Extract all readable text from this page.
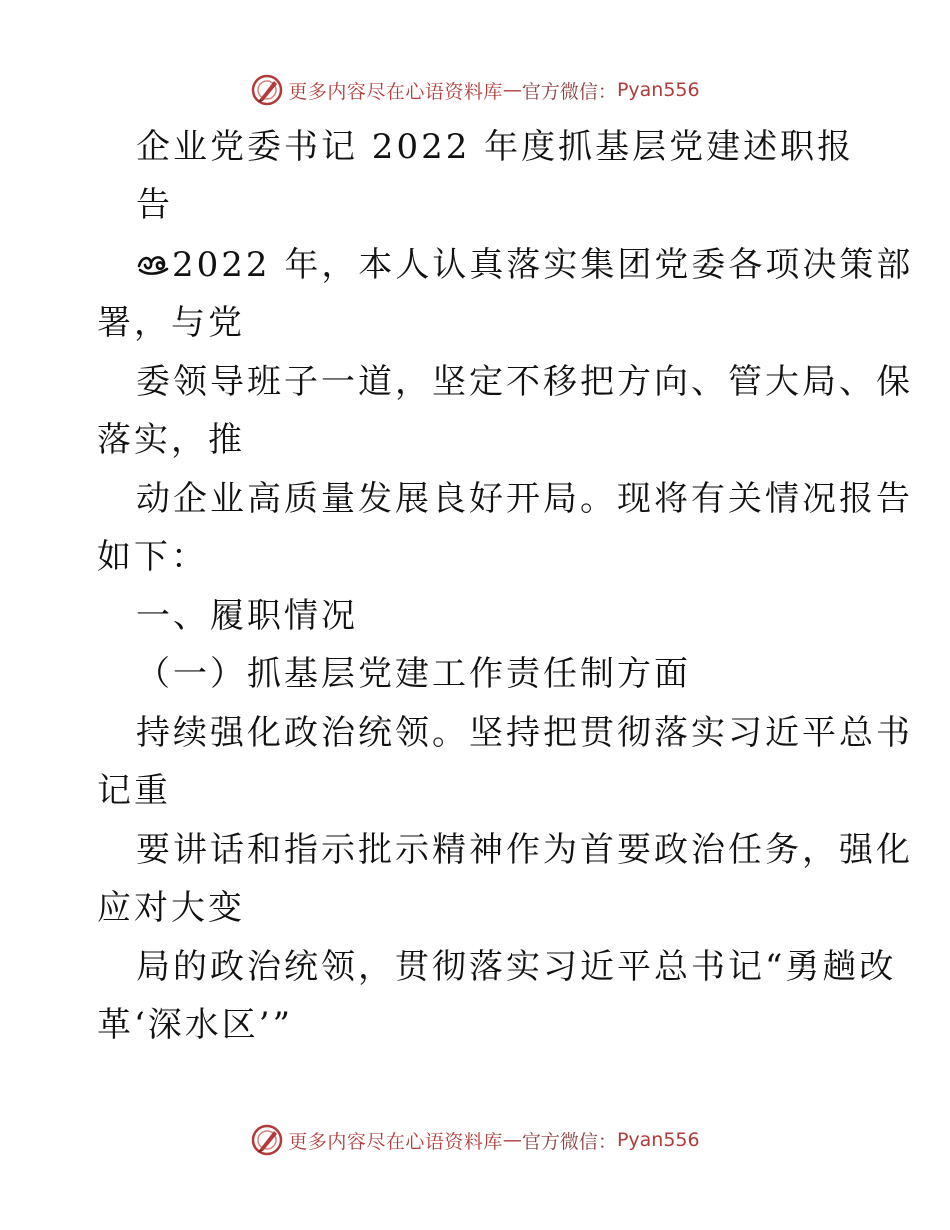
更多内容尽在心语资料库 — 官方微信： Pyan556
企业党委书记 2022 年度抓基层党建述职报
告
2022 年，本人认真落实集团党委各项决策部
署，与党
委领导班子一道，坚定不移把方向、管大局、保
落实，推
动企业高质量发展良好开局。现将有关情况报告
如下：
一、履职情况
（一）抓基层党建工作责任制方面
持续强化政治统领。坚持把贯彻落实习近平总书
记重
要讲话和指示批示精神作为首要政治任务，强化
应对大变
局的政治统领，贯彻落实习近平总书记“勇趟改
革‘深水区’”
更多内容尽在心语资料库 — 官方微信： Pyan556
